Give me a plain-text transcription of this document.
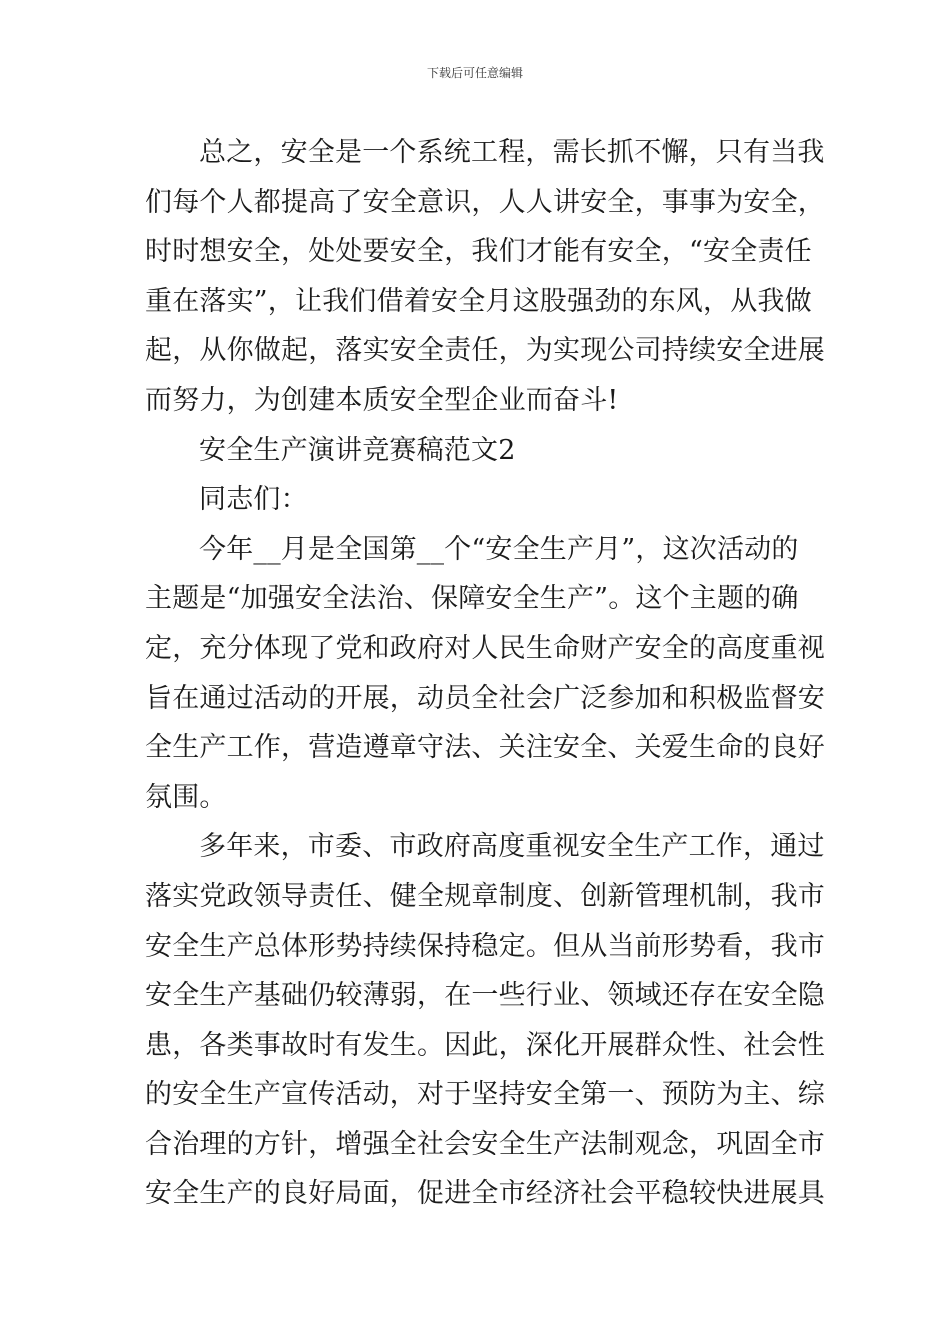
下载后可任意编辑
总之，安全是一个系统工程，需长抓不懈，只有当我
们每个人都提高了安全意识，人人讲安全，事事为安全，
时时想安全，处处要安全，我们才能有安全，“安全责任
重在落实”，让我们借着安全月这股强劲的东风，从我做
起，从你做起，落实安全责任，为实现公司持续安全进展
而努力，为创建本质安全型企业而奋斗!
安全生产演讲竞赛稿范文2
同志们：
今年__月是全国第__个“安全生产月”，这次活动的
主题是“加强安全法治、保障安全生产”。这个主题的确
定，充分体现了党和政府对人民生命财产安全的高度重视
旨在通过活动的开展，动员全社会广泛参加和积极监督安
全生产工作，营造遵章守法、关注安全、关爱生命的良好
氛围。
多年来，市委、市政府高度重视安全生产工作，通过
落实党政领导责任、健全规章制度、创新管理机制，我市
安全生产总体形势持续保持稳定。但从当前形势看，我市
安全生产基础仍较薄弱，在一些行业、领域还存在安全隐
患，各类事故时有发生。因此，深化开展群众性、社会性
的安全生产宣传活动，对于坚持安全第一、预防为主、综
合治理的方针，增强全社会安全生产法制观念，巩固全市
安全生产的良好局面，促进全市经济社会平稳较快进展具
